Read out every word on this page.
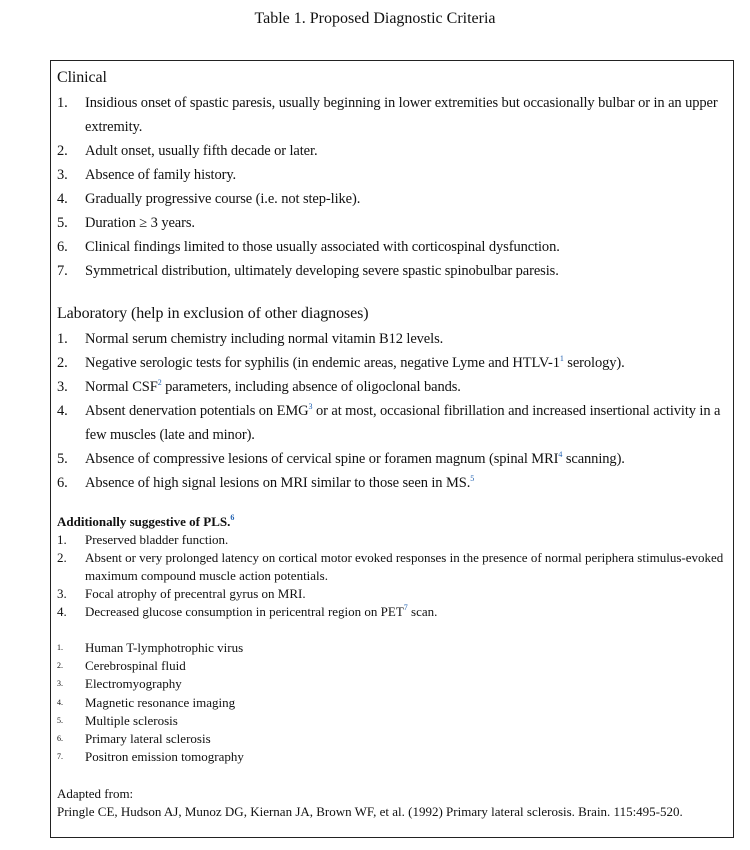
Table 1. Proposed Diagnostic Criteria
Clinical
1. Insidious onset of spastic paresis, usually beginning in lower extremities but occasionally bulbar or in an upper extremity.
2. Adult onset, usually fifth decade or later.
3. Absence of family history.
4. Gradually progressive course (i.e. not step-like).
5. Duration ≥ 3 years.
6. Clinical findings limited to those usually associated with corticospinal dysfunction.
7. Symmetrical distribution, ultimately developing severe spastic spinobulbar paresis.
Laboratory (help in exclusion of other diagnoses)
1. Normal serum chemistry including normal vitamin B12 levels.
2. Negative serologic tests for syphilis (in endemic areas, negative Lyme and HTLV-$1^1$ serology).
3. Normal CSF$^2$ parameters, including absence of oligoclonal bands.
4. Absent denervation potentials on EMG$^3$ or at most, occasional fibrillation and increased insertional activity in a few muscles (late and minor).
5. Absence of compressive lesions of cervical spine or foramen magnum (spinal MRI$^4$ scanning).
6. Absence of high signal lesions on MRI similar to those seen in MS.$^5$
Additionally suggestive of PLS.$^6$
1. Preserved bladder function.
2. Absent or very prolonged latency on cortical motor evoked responses in the presence of normal periphera stimulus-evoked maximum compound muscle action potentials.
3. Focal atrophy of precentral gyrus on MRI.
4. Decreased glucose consumption in pericentral region on PET$^7$ scan.
1. Human T-lymphotrophic virus
2. Cerebrospinal fluid
3. Electromyography
4. Magnetic resonance imaging
5. Multiple sclerosis
6. Primary lateral sclerosis
7. Positron emission tomography
Adapted from:
Pringle CE, Hudson AJ, Munoz DG, Kiernan JA, Brown WF, et al. (1992) Primary lateral sclerosis. Brain. 115:495-520.
